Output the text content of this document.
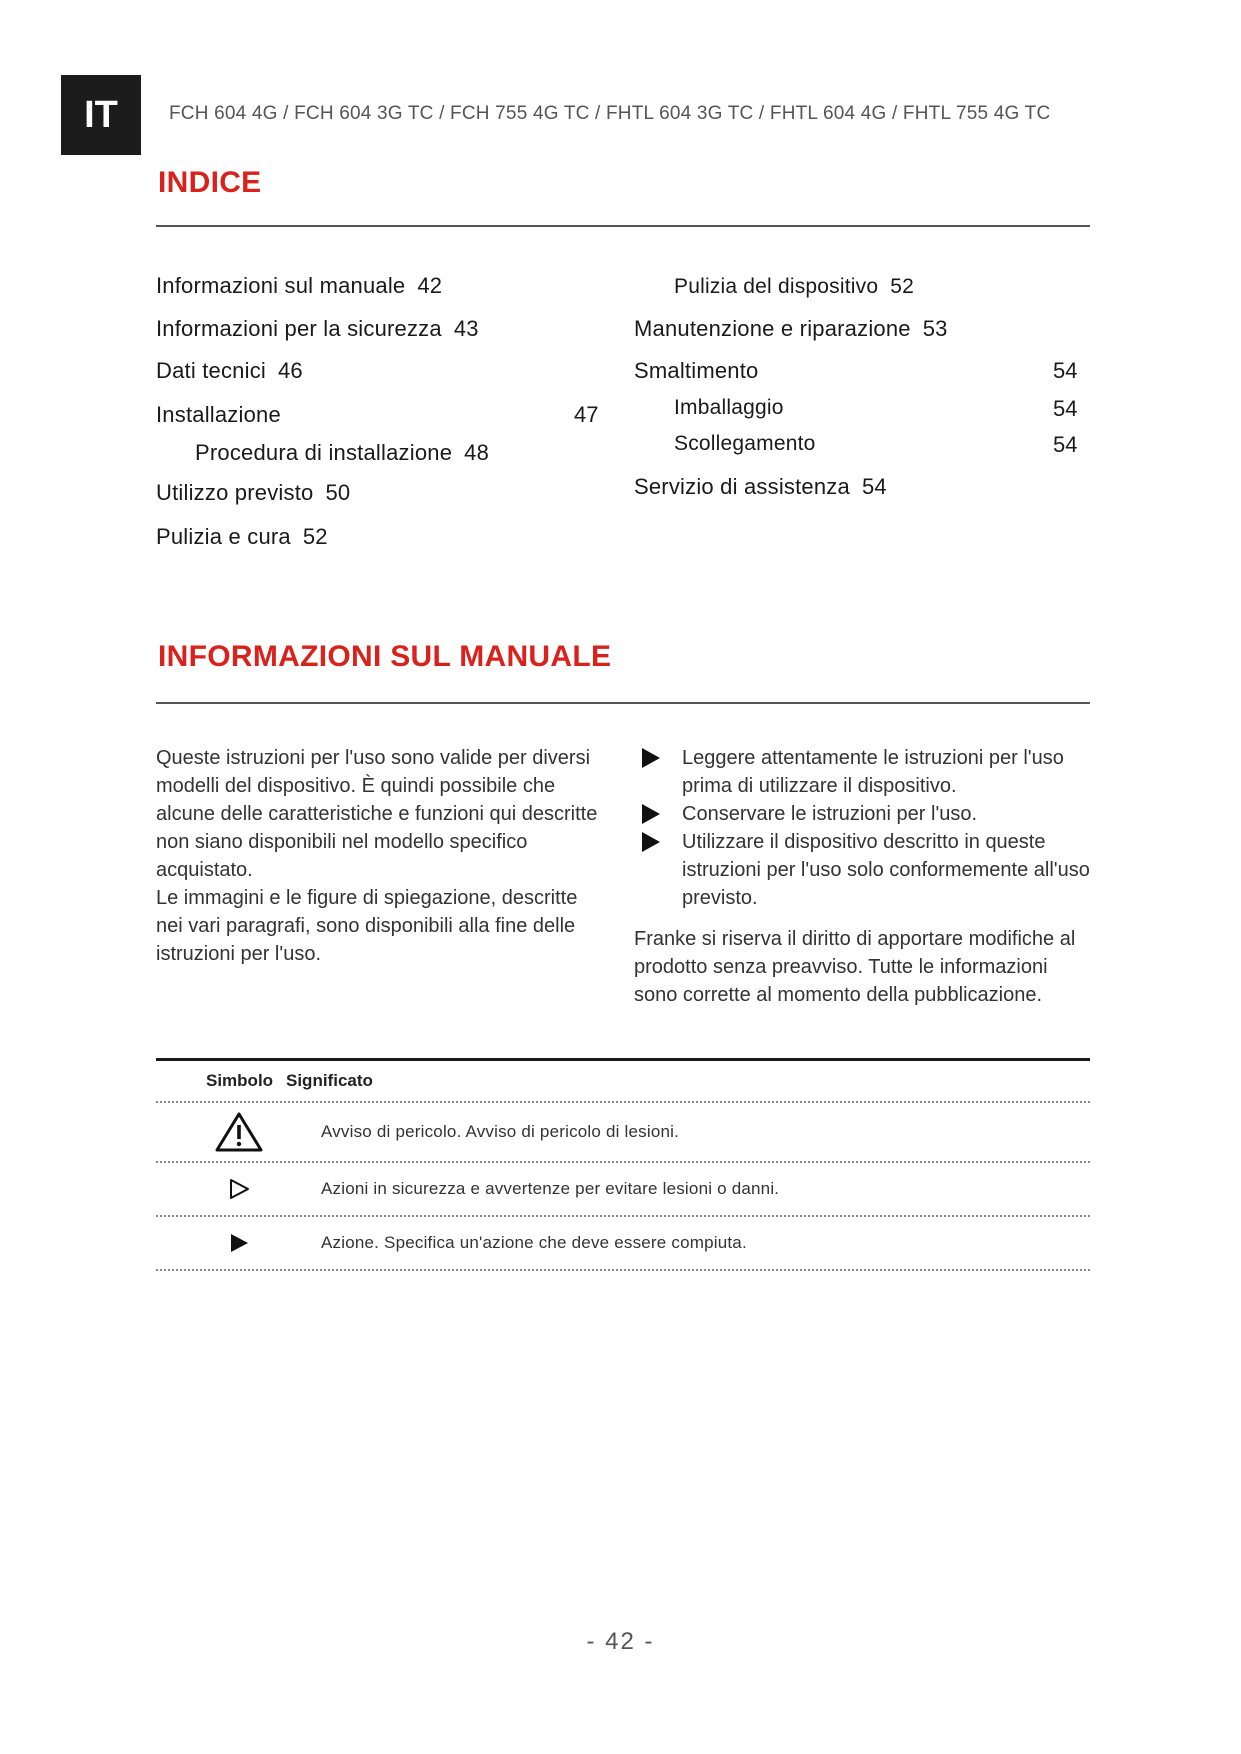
IT	FCH 604 4G / FCH 604 3G TC / FCH 755 4G TC / FHTL 604 3G TC / FHTL 604 4G / FHTL 755 4G TC
INDICE
Informazioni sul manuale 42
Informazioni per la sicurezza 43
Dati tecnici 46
Installazione	47
Procedura di installazione 48
Utilizzo previsto 50
Pulizia e cura 52
Pulizia del dispositivo 52
Manutenzione e riparazione 53
Smaltimento	54
Imballaggio	54
Scollegamento	54
Servizio di assistenza 54
INFORMAZIONI SUL MANUALE
Queste istruzioni per l'uso sono valide per diversi modelli del dispositivo. È quindi possibile che alcune delle caratteristiche e funzioni qui descritte non siano disponibili nel modello specifico acquistato.
Le immagini e le figure di spiegazione, descritte nei vari paragrafi, sono disponibili alla fine delle istruzioni per l'uso.
Leggere attentamente le istruzioni per l'uso prima di utilizzare il dispositivo.
Conservare le istruzioni per l'uso.
Utilizzare il dispositivo descritto in queste istruzioni per l'uso solo conformemente all'uso previsto.
Franke si riserva il diritto di apportare modifiche al prodotto senza preavviso. Tutte le informazioni sono corrette al momento della pubblicazione.
Simbolo Significato
Avviso di pericolo. Avviso di pericolo di lesioni.
Azioni in sicurezza e avvertenze per evitare lesioni o danni.
Azione. Specifica un'azione che deve essere compiuta.
- 42 -
